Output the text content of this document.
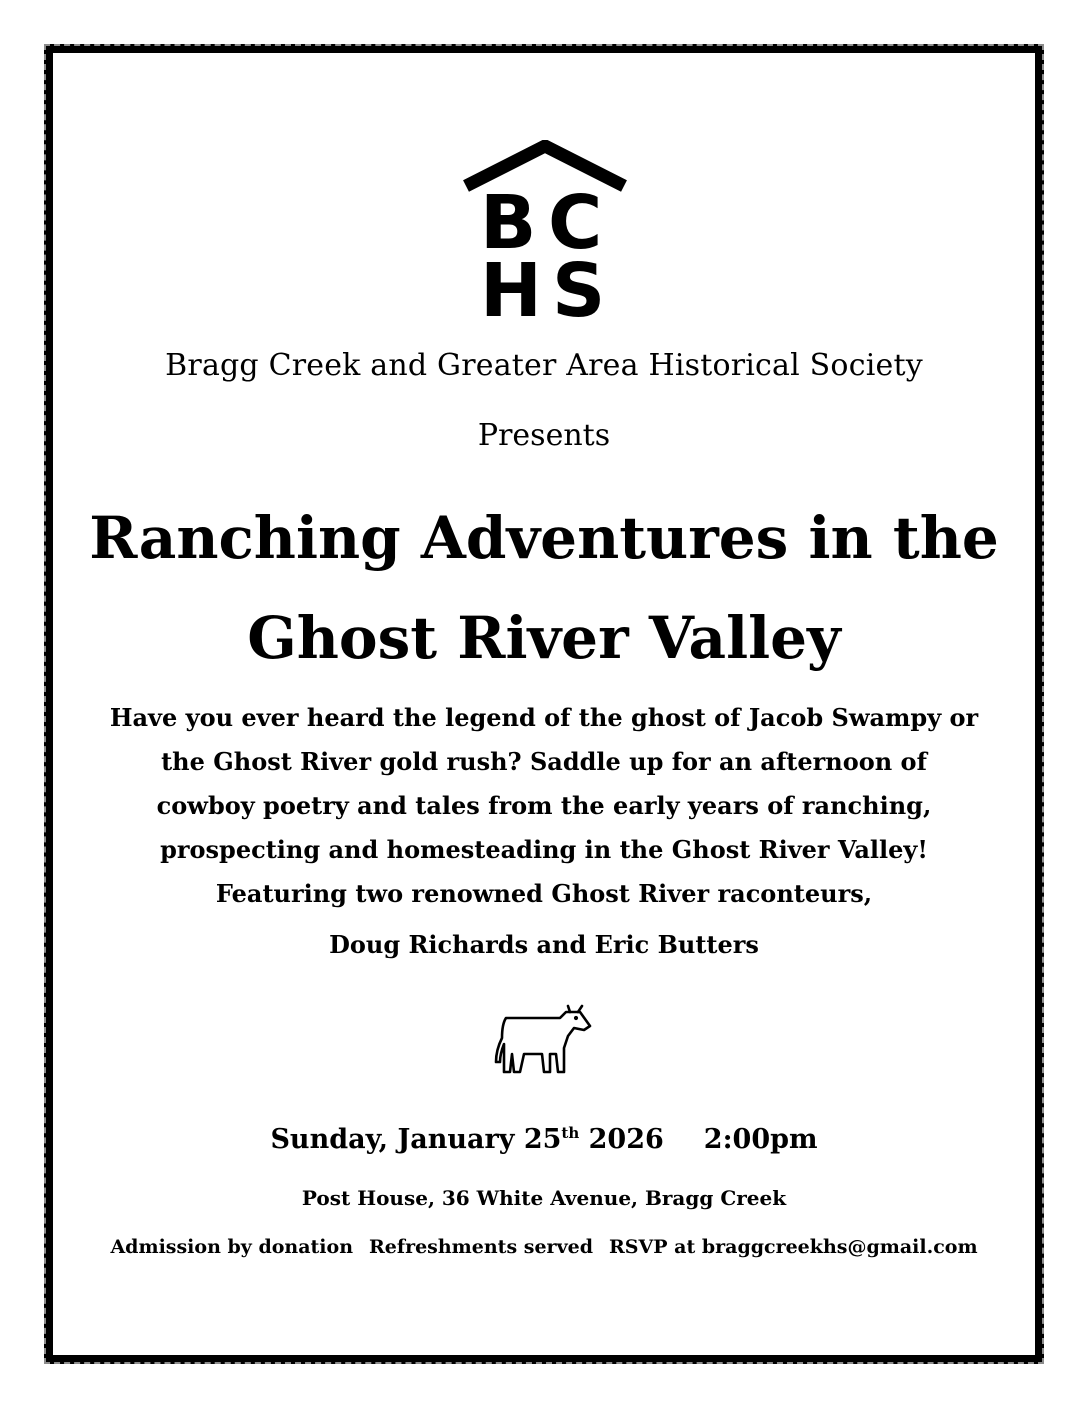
B C
H S
Bragg Creek and Greater Area Historical Society
Presents
Ranching Adventures in the
Ghost River Valley

Have you ever heard the legend of the ghost of Jacob Swampy or

the Ghost River gold rush? Saddle up for an afternoon of

cowboy poetry and tales from the early years of ranching,

prospecting and homesteading in the Ghost River Valley!

Featuring two renowned Ghost River raconteurs,

Doug Richards and Eric Butters
Sunday, January 25th 2026 2:00pm
Post House, 36 White Avenue, Bragg Creek
Admission by donation Refreshments served RSVP at braggcreekhs@gmail.com
